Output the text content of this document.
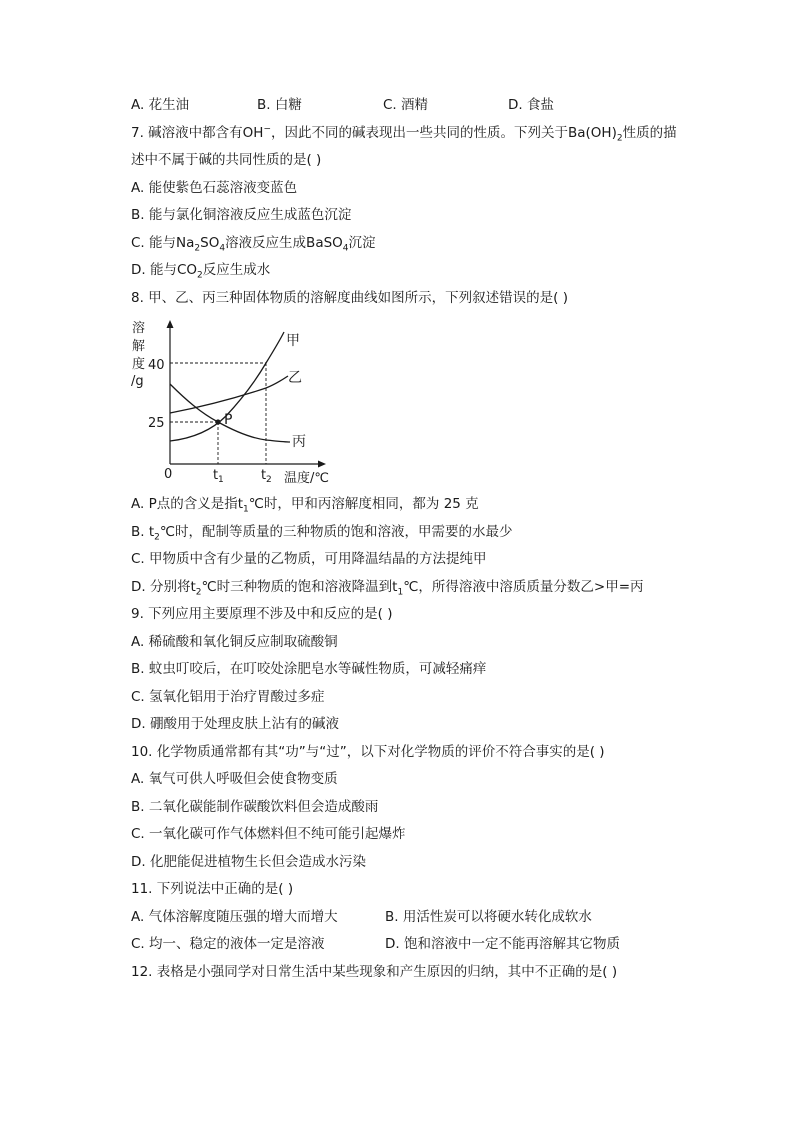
A. 花生油	B. 白糖	C. 酒精	D. 食盐
7. 碱溶液中都含有OH−，因此不同的碱表现出一些共同的性质。下列关于$Ba(OH)_2$性质的描
述中不属于碱的共同性质的是( )
A. 能使紫色石蕊溶液变蓝色
B. 能与氯化铜溶液反应生成蓝色沉淀
C. 能与$Na_2SO_4$溶液反应生成BaSO$_4$沉淀
D. 能与$CO_2$反应生成水
8. 甲、乙、丙三种固体物质的溶解度曲线如图所示，下列叙述错误的是( )
溶
解
度
/g
P
40
25
0	t 1	t 2 温度/℃
甲
乙
丙
A. P点的含义是指$t_1℃$时，甲和丙溶解度相同，都为 25 克
B. $t_2℃$时，配制等质量的三种物质的饱和溶液，甲需要的水最少
C. 甲物质中含有少量的乙物质，可用降温结晶的方法提纯甲
D. 分别将$t_2℃$时三种物质的饱和溶液降温到$t_1℃$，所得溶液中溶质质量分数乙>甲=丙
9. 下列应用主要原理不涉及中和反应的是( )
A. 稀硫酸和氧化铜反应制取硫酸铜
B. 蚊虫叮咬后，在叮咬处涂肥皂水等碱性物质，可减轻痛痒
C. 氢氧化铝用于治疗胃酸过多症
D. 硼酸用于处理皮肤上沾有的碱液
10. 化学物质通常都有其“功”与“过”，以下对化学物质的评价不符合事实的是( )
A. 氧气可供人呼吸但会使食物变质
B. 二氧化碳能制作碳酸饮料但会造成酸雨
C. 一氧化碳可作气体燃料但不纯可能引起爆炸
D. 化肥能促进植物生长但会造成水污染
11. 下列说法中正确的是( )
A. 气体溶解度随压强的增大而增大	B. 用活性炭可以将硬水转化成软水
C. 均一、稳定的液体一定是溶液	D. 饱和溶液中一定不能再溶解其它物质
12. 表格是小强同学对日常生活中某些现象和产生原因的归纳，其中不正确的是( )
